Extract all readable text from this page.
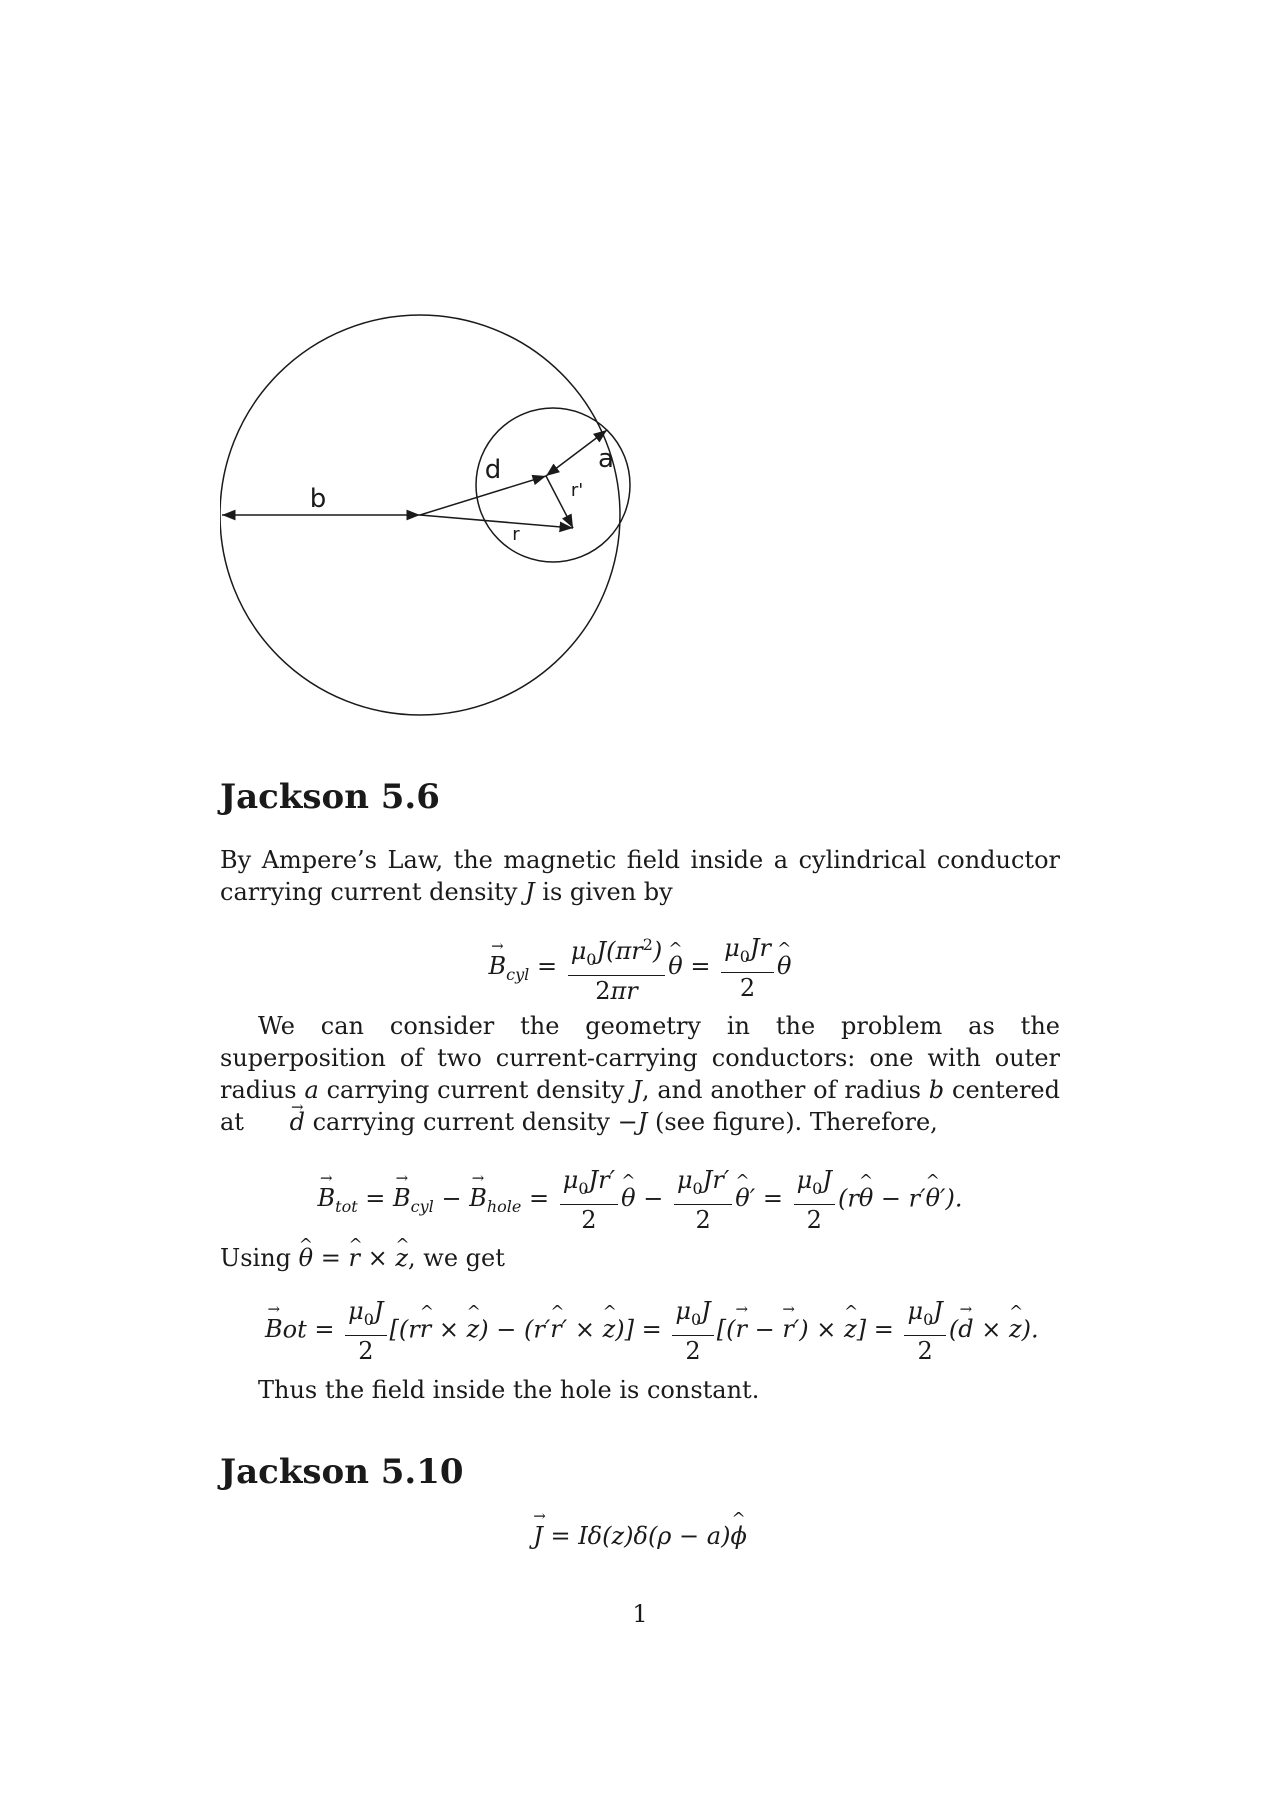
b
d	a
r'
r
Jackson 5.6

By Ampere’s Law, the magnetic field inside a cylindrical conductor carrying current density J is given by

→ $B_{cyl} = \frac{\mu_0J(\pi r^2)}{2\pi r}$ ^ $\theta = \frac{\mu_0Jr}{2}$ ^ θ

We can consider the geometry in the problem as the superposition of two current-carrying conductors: one with outer radius a carrying current density J, and another of radius b centered at → d carrying current density −J (see figure). Therefore,

→ $B_{tot}$ = → $B_{cyl}$ − → $B_{hole} = \frac{\mu_0Jr'}{2}$ ^ $\theta - \frac{\mu_0Jr'}{2}$ ^ $\theta' = \frac{\mu_0J}{2}$ (r^ θ − r′^ θ′).

Using ^ θ = ^ r × ^ z, we get

→ Bot = $\frac{\mu_0J}{2}$ [(r^ r × ^ z) − (r′^ r′ × ^ $z)] = \frac{\mu_0J}{2}$ [(→ r − → r′) × ^ $z] = \frac{\mu_0J}{2}$ (→ d × ^ z).

Thus the field inside the hole is constant.

Jackson 5.10
→ J = Iδ(z)δ(ρ − a)^ ϕ
1
